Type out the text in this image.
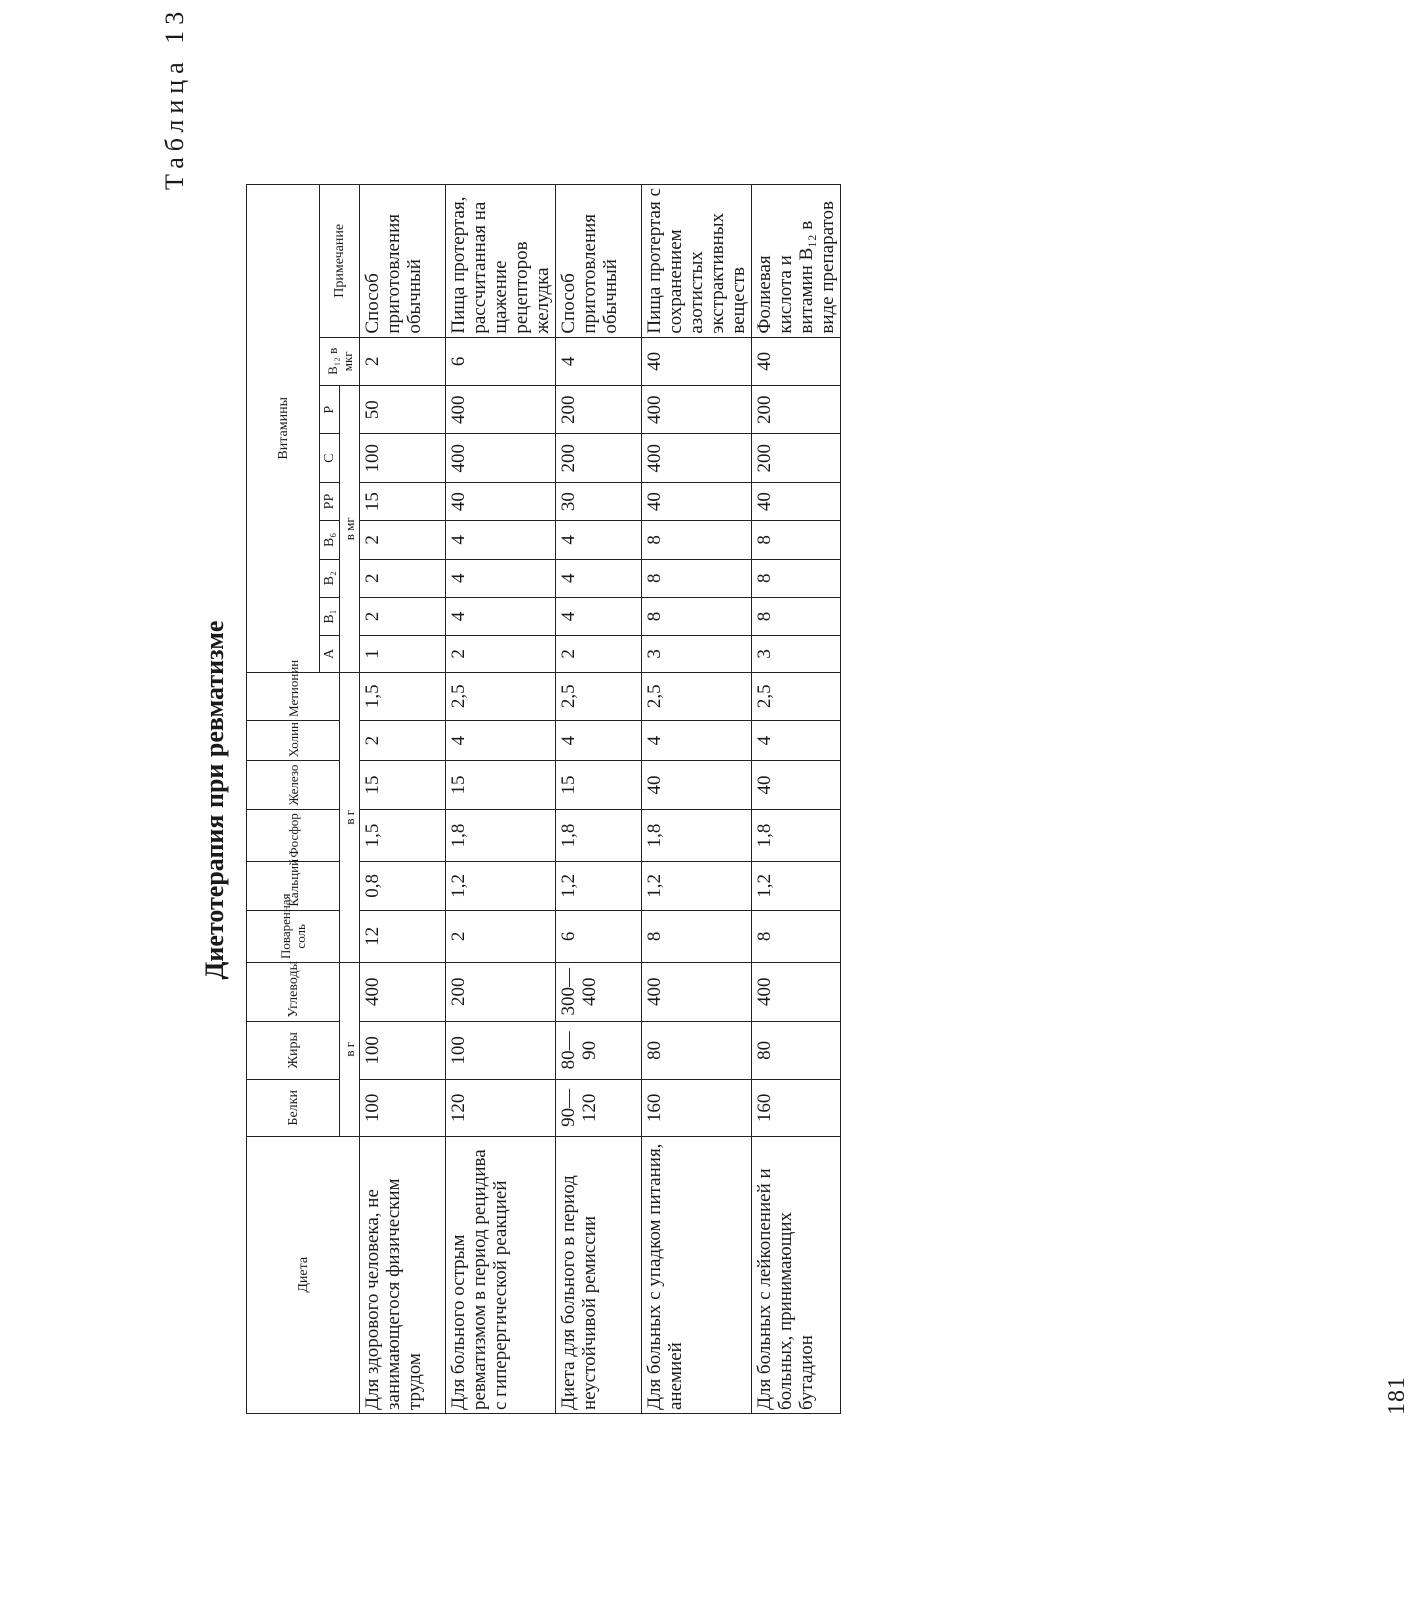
Таблица 13
Диетотерапия при ревматизме
Диета	Белки	Жиры	Углеводы	Поваренная соль	Кальций	Фосфор	Железо	Холин	Метионин	Витамины								
										A	B₁	B₂	B₆	PP	C	P	B₁₂ в мкг	Примечание
	в г			в г						в мг								
Для здорового человека, не занимающегося физическим трудом	100	100	400	12	0,8	1,5	15	2	1,5	1	2	2	2	15	100	50	2	Способ приготовления обычный
Для больного острым ревматизмом в период рецидива с гиперергической реакцией	120	100	200	2	1,2	1,8	15	4	2,5	2	4	4	4	40	400	400	6	Пища протертая, рассчитанная на щажение рецепторов желудка
Диета для больного в период неустойчивой ремиссии	90—120	80—90	300—400	6	1,2	1,8	15	4	2,5	2	4	4	4	30	200	200	4	Способ приготовления обычный
Для больных с упадком питания, анемией	160	80	400	8	1,2	1,8	40	4	2,5	3	8	8	8	40	400	400	40	Пища протертая с сохранением азотистых экстрактивных веществ
Для больных с лейкопенией и больных, принимающих бутадион	160	80	400	8	1,2	1,8	40	4	2,5	3	8	8	8	40	200	200	40	Фолиевая кислота и витамин B₁₂ в виде препаратов
181
